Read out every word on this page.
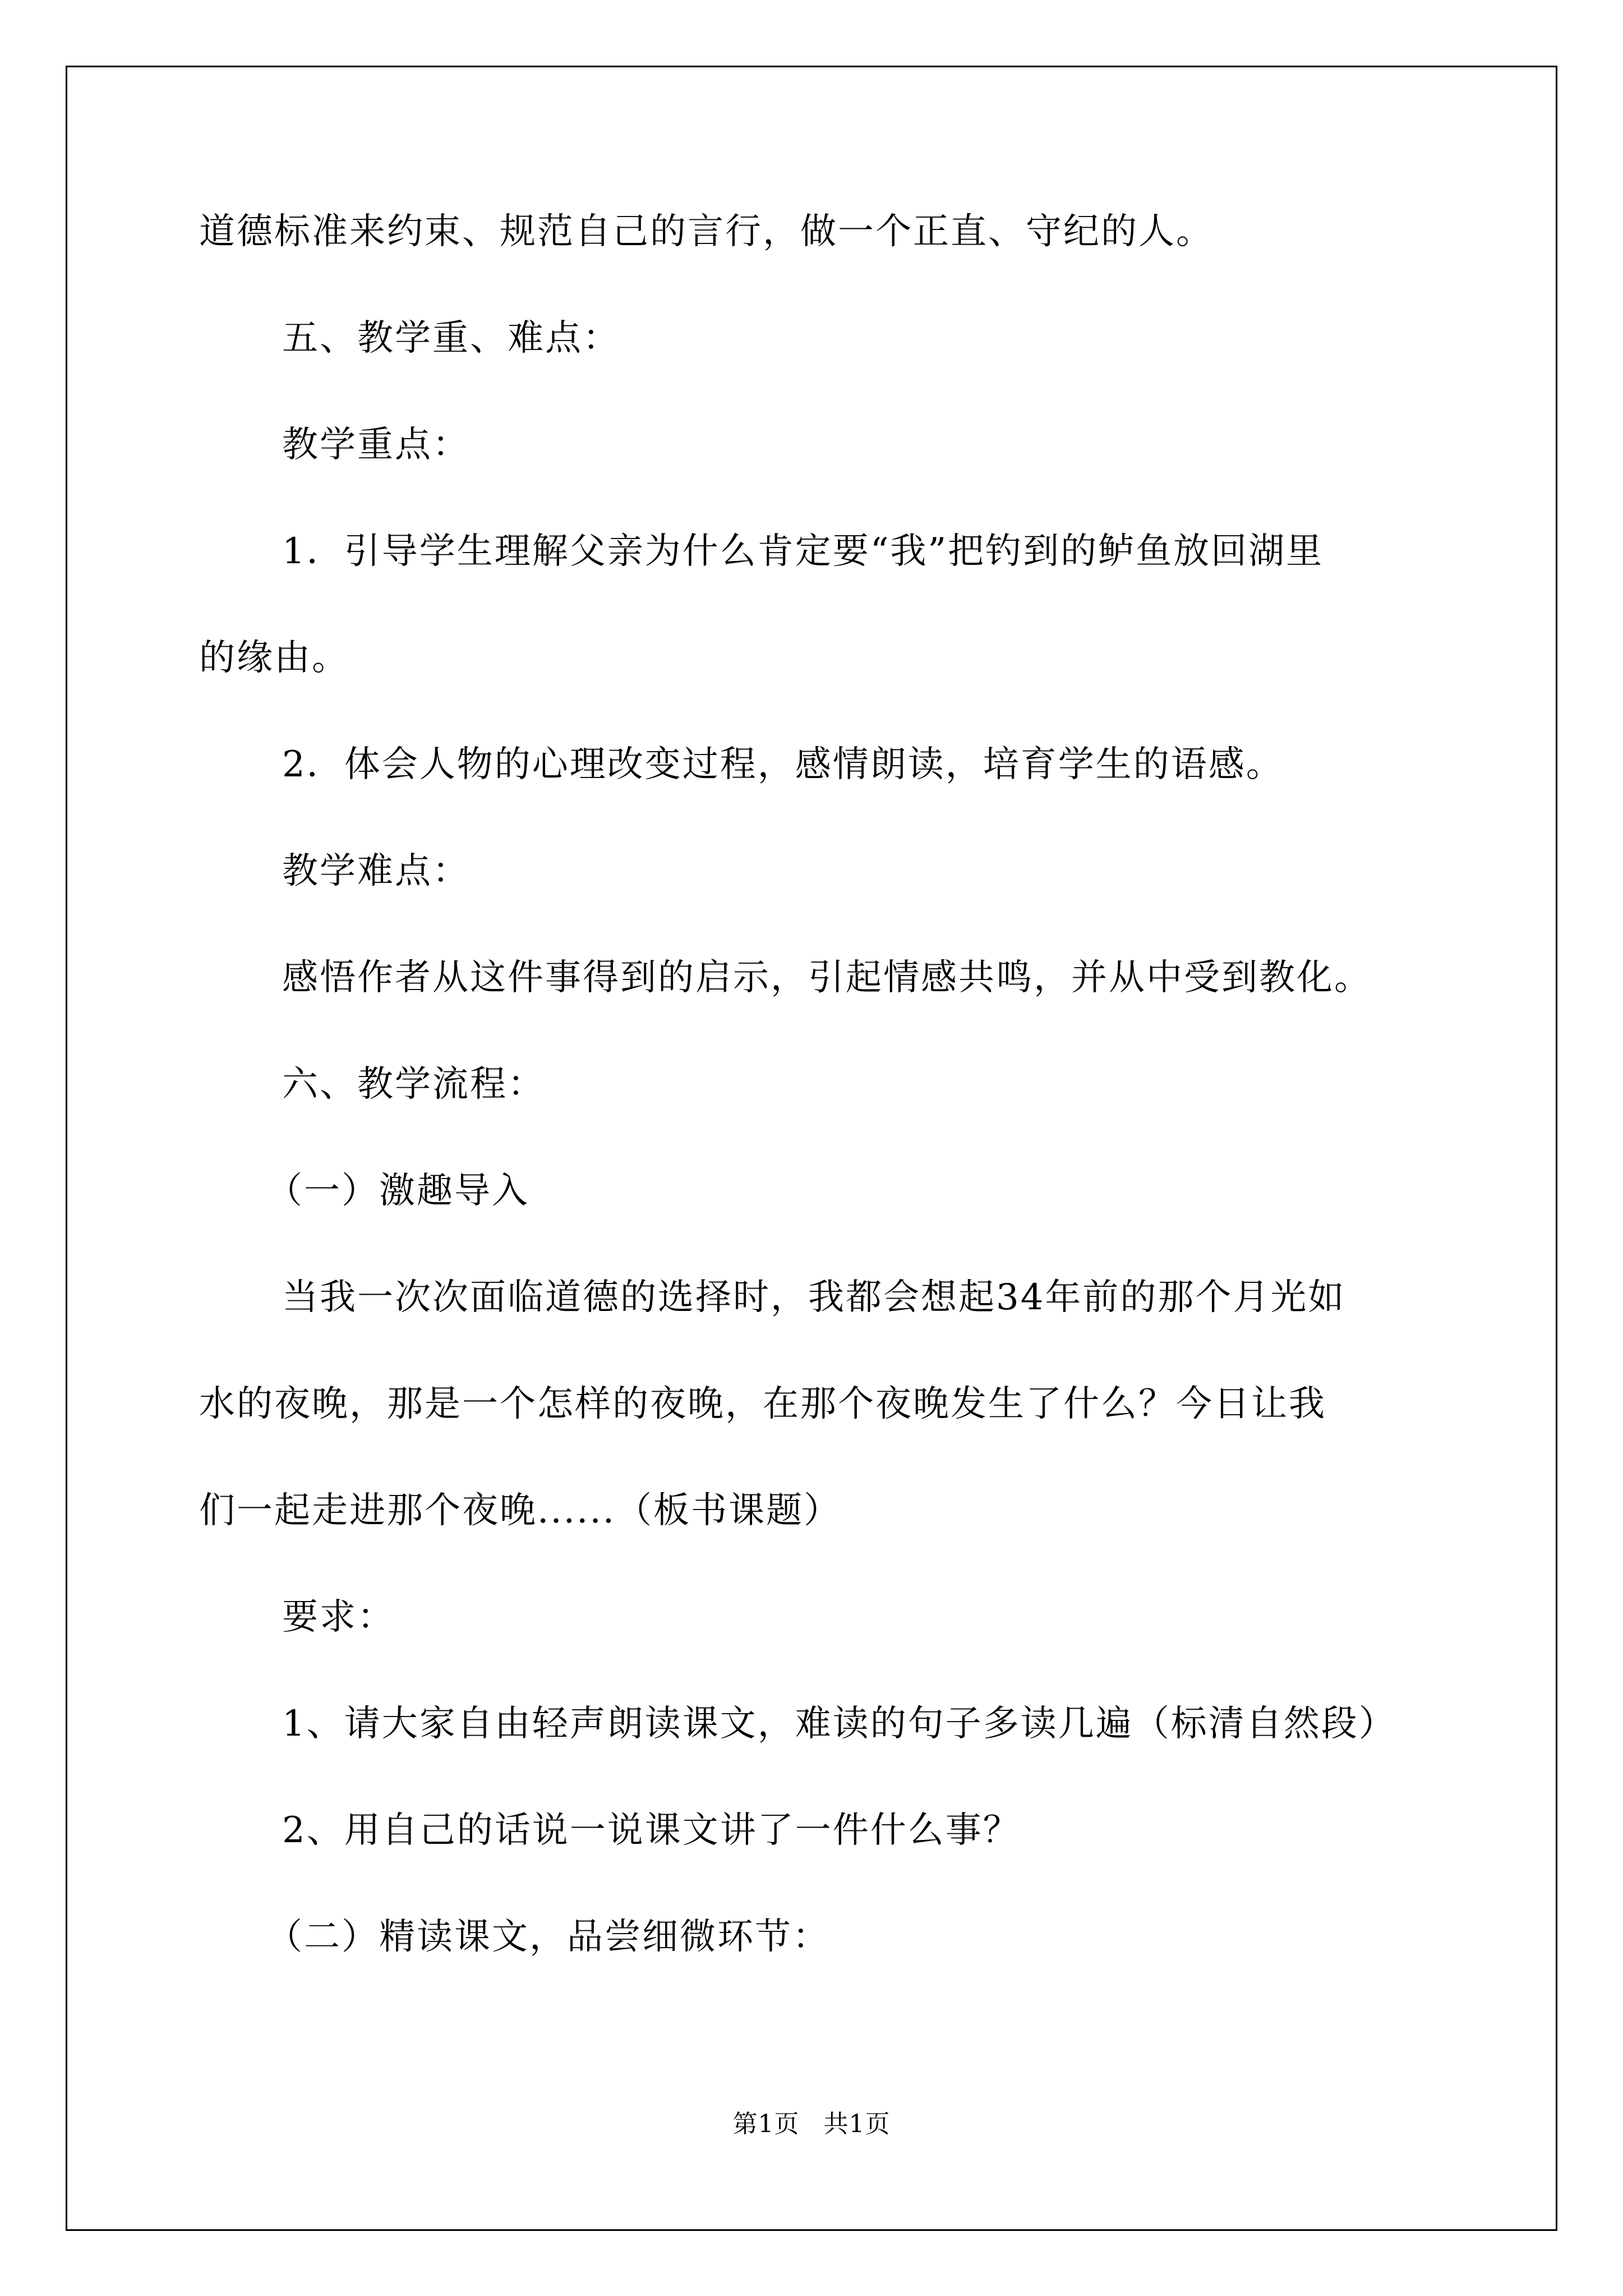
道德标准来约束、规范自己的言行，做一个正直、守纪的人。
五、教学重、难点：
教学重点：
1．引导学生理解父亲为什么肯定要“我”把钓到的鲈鱼放回湖里
的缘由。
2．体会人物的心理改变过程，感情朗读，培育学生的语感。
教学难点：
感悟作者从这件事得到的启示，引起情感共鸣，并从中受到教化。
六、教学流程：
（一）激趣导入
当我一次次面临道德的选择时，我都会想起34年前的那个月光如
水的夜晚，那是一个怎样的夜晚，在那个夜晚发生了什么？今日让我
们一起走进那个夜晚......（板书课题）
要求：
1、请大家自由轻声朗读课文，难读的句子多读几遍（标清自然段）
2、用自己的话说一说课文讲了一件什么事？
（二）精读课文，品尝细微环节：
第1页 共1页
